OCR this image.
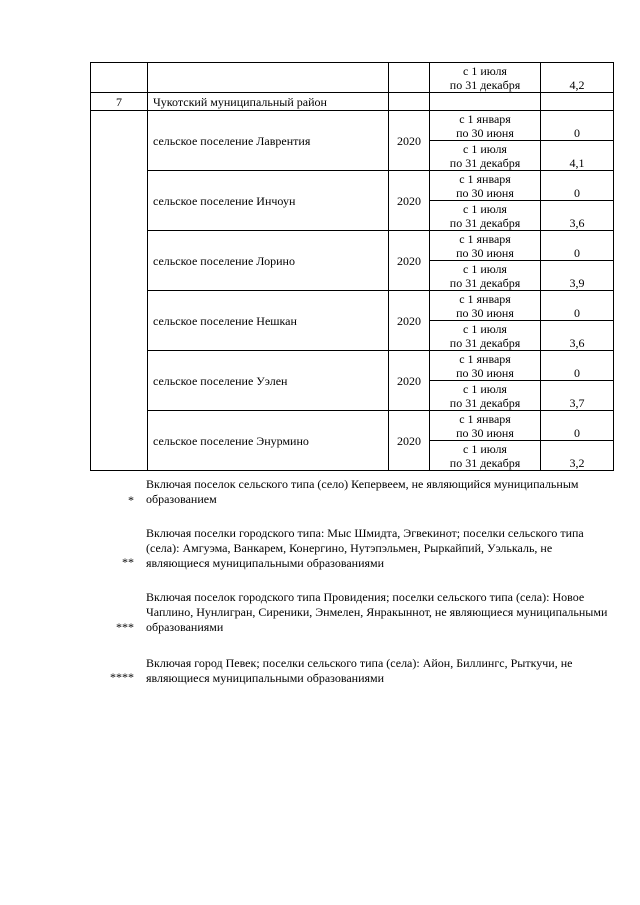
			с 1 июля
по 31 декабря	4,2
7	Чукотский муниципальный район			
	сельское поселение Лаврентия	2020	с 1 января
по 30 июня	0

			с 1 июля
по 31 декабря	4,1
	сельское поселение Инчоун	2020	с 1 января
по 30 июня	0

			с 1 июля
по 31 декабря	3,6
	сельское поселение Лорино	2020	с 1 января
по 30 июня	0

			с 1 июля
по 31 декабря	3,9
	сельское поселение Нешкан	2020	с 1 января
по 30 июня	0

			с 1 июля
по 31 декабря	3,6
	сельское поселение Уэлен	2020	с 1 января
по 30 июня	0

			с 1 июля
по 31 декабря	3,7
	сельское поселение Энурмино	2020	с 1 января
по 30 июня	0

			с 1 июля
по 31 декабря	3,2
*
Включая поселок сельского типа (село) Кепервеем, не являющийся муниципальным образованием
**
Включая поселки городского типа: Мыс Шмидта, Эгвекинот; поселки сельского типа (села): Амгуэма, Ванкарем, Конергино, Нутэпэльмен, Рыркайпий, Уэлькаль, не являющиеся муниципальными образованиями
***
Включая поселок городского типа Провидения; поселки сельского типа (села): Новое Чаплино, Нунлигран, Сиреники, Энмелен, Янракыннот, не являющиеся муниципальными образованиями
****
Включая город Певек; поселки сельского типа (села): Айон, Биллингс, Рыткучи, не являющиеся муниципальными образованиями
